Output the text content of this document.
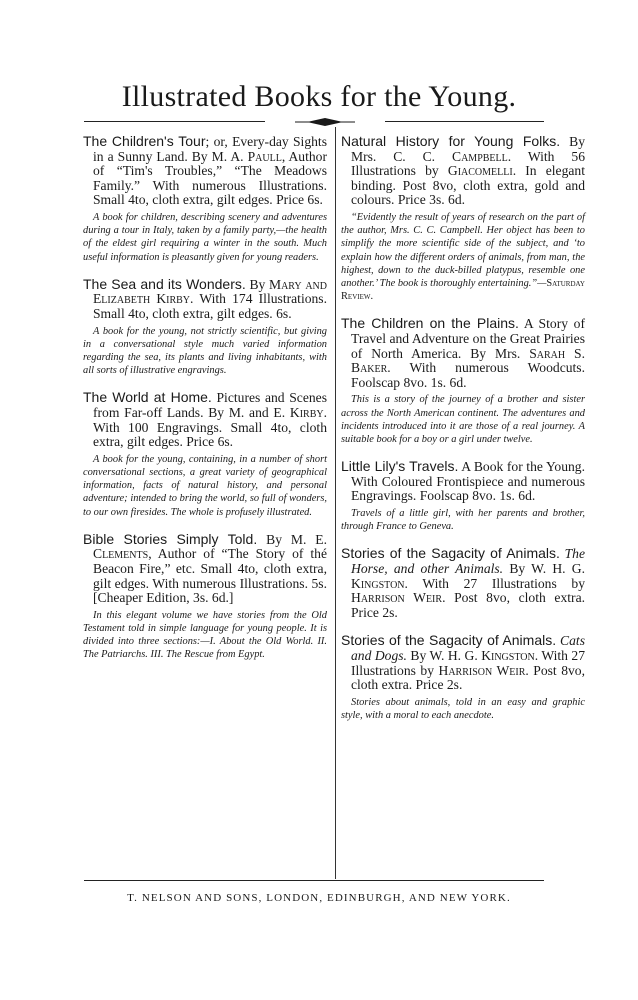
Illustrated Books for the Young.

The Children's Tour; or, Every-day Sights in a Sunny Land. By M. A. Paull, Author of “Tim's Troubles,” “The Meadows Family.” With numerous Illustrations. Small 4to, cloth extra, gilt edges. Price 6s.

A book for children, describing scenery and adventures during a tour in Italy, taken by a family party,—the health of the eldest girl requiring a winter in the south. Much useful information is pleasantly given for young readers.

The Sea and its Wonders. By Mary and Elizabeth Kirby. With 174 Illustrations. Small 4to, cloth extra, gilt edges. 6s.

A book for the young, not strictly scientific, but giving in a conversational style much varied information regarding the sea, its plants and living inhabitants, with all sorts of illustrative engravings.

The World at Home. Pictures and Scenes from Far-off Lands. By M. and E. Kirby. With 100 Engravings. Small 4to, cloth extra, gilt edges. Price 6s.

A book for the young, containing, in a number of short conversational sections, a great variety of geographical information, facts of natural history, and personal adventure; intended to bring the world, so full of wonders, to our own firesides. The whole is profusely illustrated.

Bible Stories Simply Told. By M. E. Clements, Author of “The Story of thé Beacon Fire,” etc. Small 4to, cloth extra, gilt edges. With numerous Illustrations. 5s. [Cheaper Edition, 3s. 6d.]

In this elegant volume we have stories from the Old Testament told in simple language for young people. It is divided into three sections:—I. About the Old World. II. The Patriarchs. III. The Rescue from Egypt.

Natural History for Young Folks. By Mrs. C. C. Campbell. With 56 Illustrations by Giacomelli. In elegant binding. Post 8vo, cloth extra, gold and colours. Price 3s. 6d.

“Evidently the result of years of research on the part of the author, Mrs. C. C. Campbell. Her object has been to simplify the more scientific side of the subject, and ‘to explain how the different orders of animals, from man, the highest, down to the duck-billed platypus, resemble one another.’ The book is thoroughly entertaining.”—Saturday Review.

The Children on the Plains. A Story of Travel and Adventure on the Great Prairies of North America. By Mrs. Sarah S. Baker. With numerous Woodcuts. Foolscap 8vo. 1s. 6d.

This is a story of the journey of a brother and sister across the North American continent. The adventures and incidents introduced into it are those of a real journey. A suitable book for a boy or a girl under twelve.

Little Lily's Travels. A Book for the Young. With Coloured Frontispiece and numerous Engravings. Foolscap 8vo. 1s. 6d.

Travels of a little girl, with her parents and brother, through France to Geneva.

Stories of the Sagacity of Animals. The Horse, and other Animals. By W. H. G. Kingston. With 27 Illustrations by Harrison Weir. Post 8vo, cloth extra. Price 2s.

Stories of the Sagacity of Animals. Cats and Dogs. By W. H. G. Kingston. With 27 Illustrations by Harrison Weir. Post 8vo, cloth extra. Price 2s.

Stories about animals, told in an easy and graphic style, with a moral to each anecdote.

T. NELSON AND SONS, LONDON, EDINBURGH, AND NEW YORK.
